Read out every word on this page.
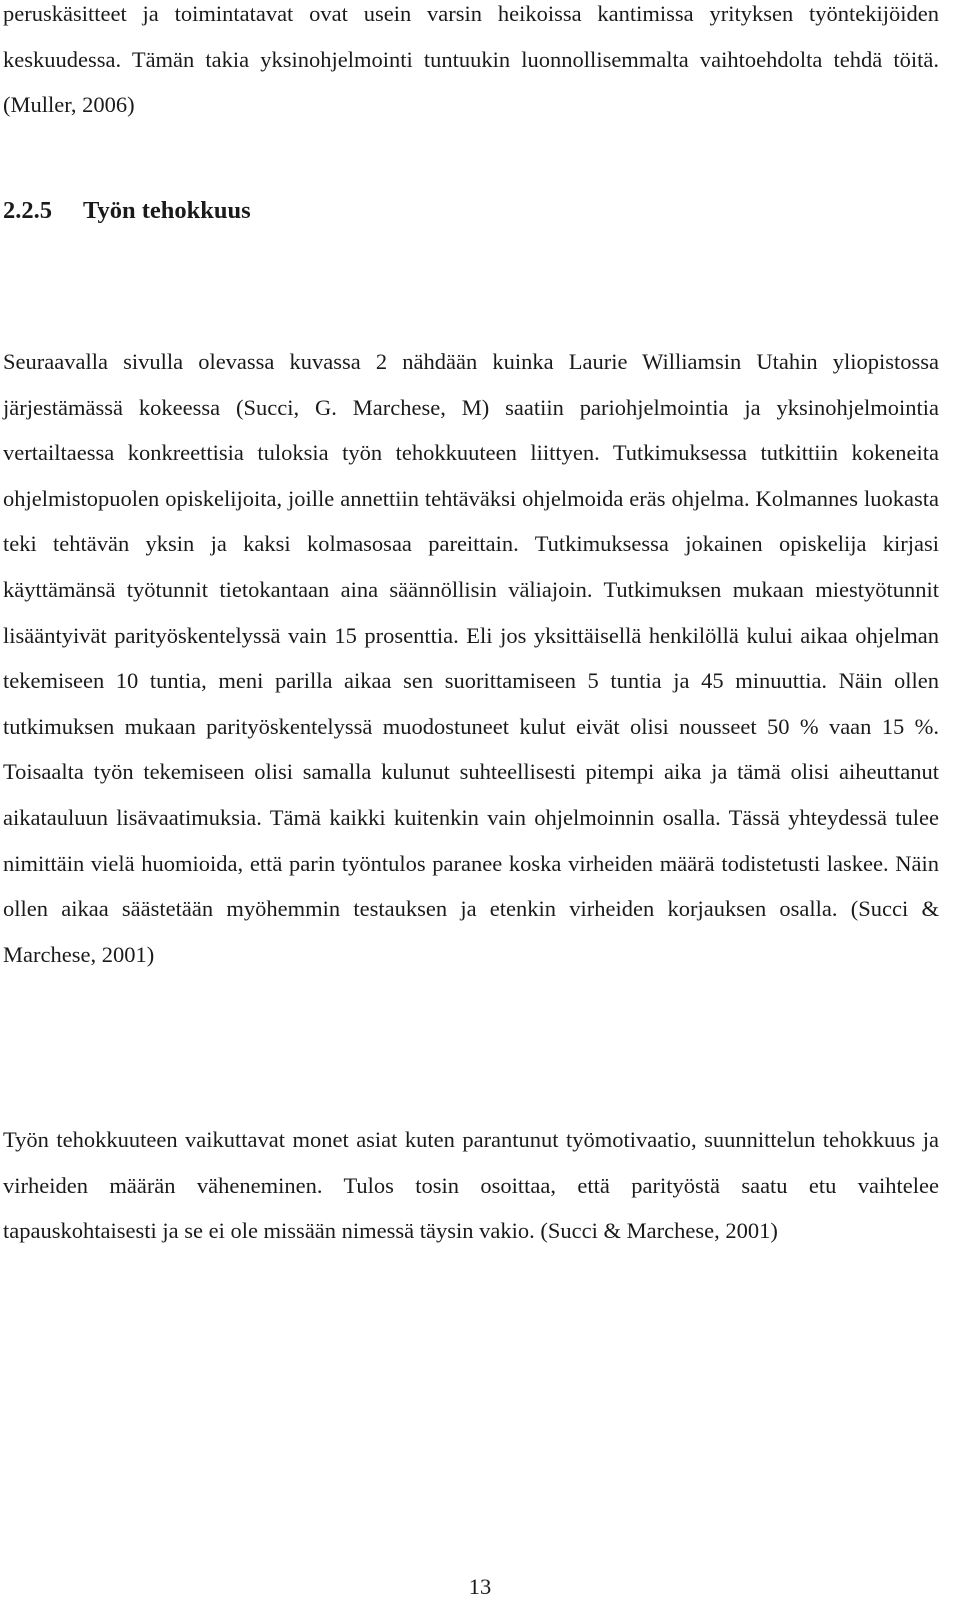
peruskäsitteet ja toimintatavat ovat usein varsin heikoissa kantimissa yrityksen työntekijöiden keskuudessa. Tämän takia yksinohjelmointi tuntuukin luonnollisemmalta vaihtoehdolta tehdä töitä. (Muller, 2006)

2.2.5 Työn tehokkuus

Seuraavalla sivulla olevassa kuvassa 2 nähdään kuinka Laurie Williamsin Utahin yliopistossa järjestämässä kokeessa (Succi, G. Marchese, M) saatiin pariohjelmointia ja yksinohjelmointia vertailtaessa konkreettisia tuloksia työn tehokkuuteen liittyen. Tutkimuksessa tutkittiin kokeneita ohjelmistopuolen opiskelijoita, joille annettiin tehtäväksi ohjelmoida eräs ohjelma. Kolmannes luokasta teki tehtävän yksin ja kaksi kolmasosaa pareittain. Tutkimuksessa jokainen opiskelija kirjasi käyttämänsä työtunnit tietokantaan aina säännöllisin väliajoin. Tutkimuksen mukaan miestyötunnit lisääntyivät parityöskentelyssä vain 15 prosenttia. Eli jos yksittäisellä henkilöllä kului aikaa ohjelman tekemiseen 10 tuntia, meni parilla aikaa sen suorittamiseen 5 tuntia ja 45 minuuttia. Näin ollen tutkimuksen mukaan parityöskentelyssä muodostuneet kulut eivät olisi nousseet 50 % vaan 15 %. Toisaalta työn tekemiseen olisi samalla kulunut suhteellisesti pitempi aika ja tämä olisi aiheuttanut aikatauluun lisävaatimuksia. Tämä kaikki kuitenkin vain ohjelmoinnin osalla. Tässä yhteydessä tulee nimittäin vielä huomioida, että parin työntulos paranee koska virheiden määrä todistetusti laskee. Näin ollen aikaa säästetään myöhemmin testauksen ja etenkin virheiden korjauksen osalla. (Succi & Marchese, 2001)

Työn tehokkuuteen vaikuttavat monet asiat kuten parantunut työmotivaatio, suunnittelun tehokkuus ja virheiden määrän väheneminen. Tulos tosin osoittaa, että parityöstä saatu etu vaihtelee tapauskohtaisesti ja se ei ole missään nimessä täysin vakio. (Succi & Marchese, 2001)

13
